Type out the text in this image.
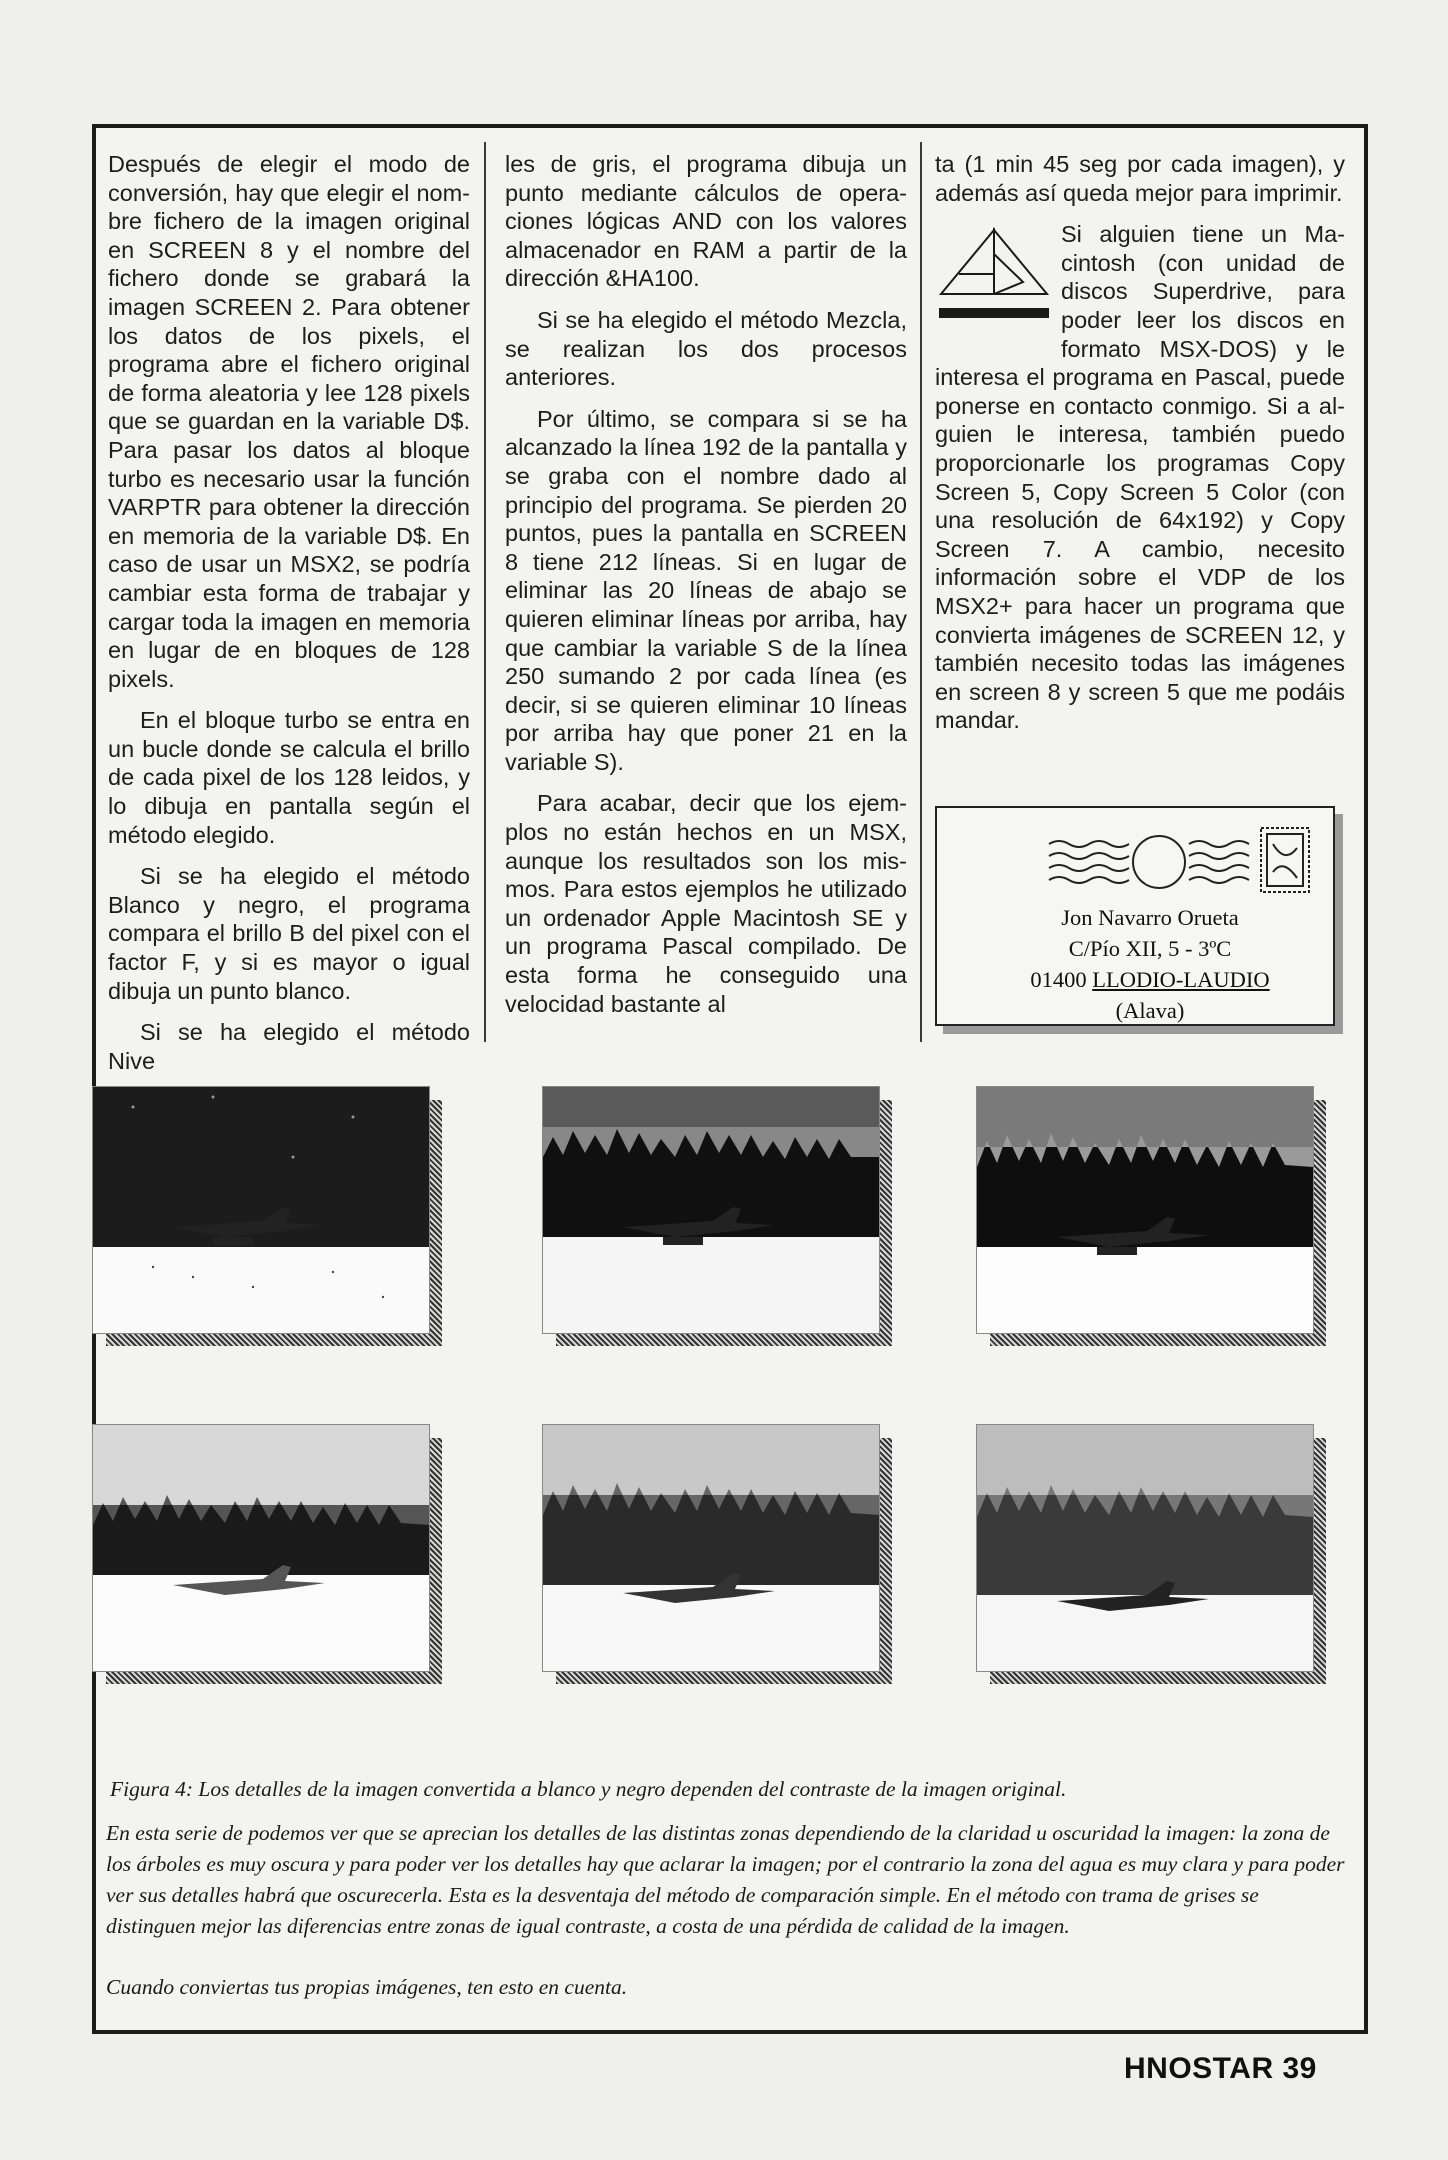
Después de elegir el modo de conversión, hay que elegir el nombre fichero de la imagen original en SCREEN 8 y el nombre del fichero donde se grabará la imagen SCREEN 2. Para obtener los datos de los pixels, el programa abre el fichero original de forma aleatoria y lee 128 pixels que se guardan en la variable D$. Para pasar los datos al bloque turbo es necesario usar la función VARPTR para obtener la dirección en memoria de la variable D$. En caso de usar un MSX2, se podría cambiar esta forma de trabajar y cargar toda la imagen en memoria en lugar de en bloques de 128 pixels.

En el bloque turbo se entra en un bucle donde se calcula el brillo de cada pixel de los 128 leidos, y lo dibuja en pantalla según el método elegido.

Si se ha elegido el método Blanco y negro, el programa compara el brillo B del pixel con el factor F, y si es mayor o igual dibuja un punto blanco.

Si se ha elegido el método Nive

les de gris, el programa dibuja un punto mediante cálculos de operaciones lógicas AND con los valores almacenador en RAM a partir de la dirección &HA100.

Si se ha elegido el método Mezcla, se realizan los dos procesos anteriores.

Por último, se compara si se ha alcanzado la línea 192 de la pantalla y se graba con el nombre dado al principio del programa. Se pierden 20 puntos, pues la pantalla en SCREEN 8 tiene 212 líneas. Si en lugar de eliminar las 20 líneas de abajo se quieren eliminar líneas por arriba, hay que cambiar la variable S de la línea 250 sumando 2 por cada línea (es decir, si se quieren eliminar 10 líneas por arriba hay que poner 21 en la variable S).

Para acabar, decir que los ejemplos no están hechos en un MSX, aunque los resultados son los mismos. Para estos ejemplos he utilizado un ordenador Apple Macintosh SE y un programa Pascal compilado. De esta forma he conseguido una velocidad bastante al

ta (1 min 45 seg por cada imagen), y además así queda mejor para imprimir.

Si alguien tiene un Macintosh (con unidad de discos Superdrive, para poder leer los discos en formato MSX-DOS) y le interesa el programa en Pascal, puede ponerse en contacto conmigo. Si a alguien le interesa, también puedo proporcionarle los programas Copy Screen 5, Copy Screen 5 Color (con una resolución de 64x192) y Copy Screen 7. A cambio, necesito información sobre el VDP de los MSX2+ para hacer un programa que convierta imágenes de SCREEN 12, y también necesito todas las imágenes en screen 8 y screen 5 que me podáis mandar.

Jon Navarro Orueta
C/Pío XII, 5 - 3ºC
01400 LLODIO-LAUDIO
(Alava)
Figura 4: Los detalles de la imagen convertida a blanco y negro dependen del contraste de la imagen original.
En esta serie de podemos ver que se aprecian los detalles de las distintas zonas dependiendo de la claridad u oscuridad la imagen: la zona de los árboles es muy oscura y para poder ver los detalles hay que aclarar la imagen; por el contrario la zona del agua es muy clara y para poder ver sus detalles habrá que oscurecerla. Esta es la desventaja del método de comparación simple. En el método con trama de grises se distinguen mejor las diferencias entre zonas de igual contraste, a costa de una pérdida de calidad de la imagen.
Cuando conviertas tus propias imágenes, ten esto en cuenta.
HNOSTAR 39
